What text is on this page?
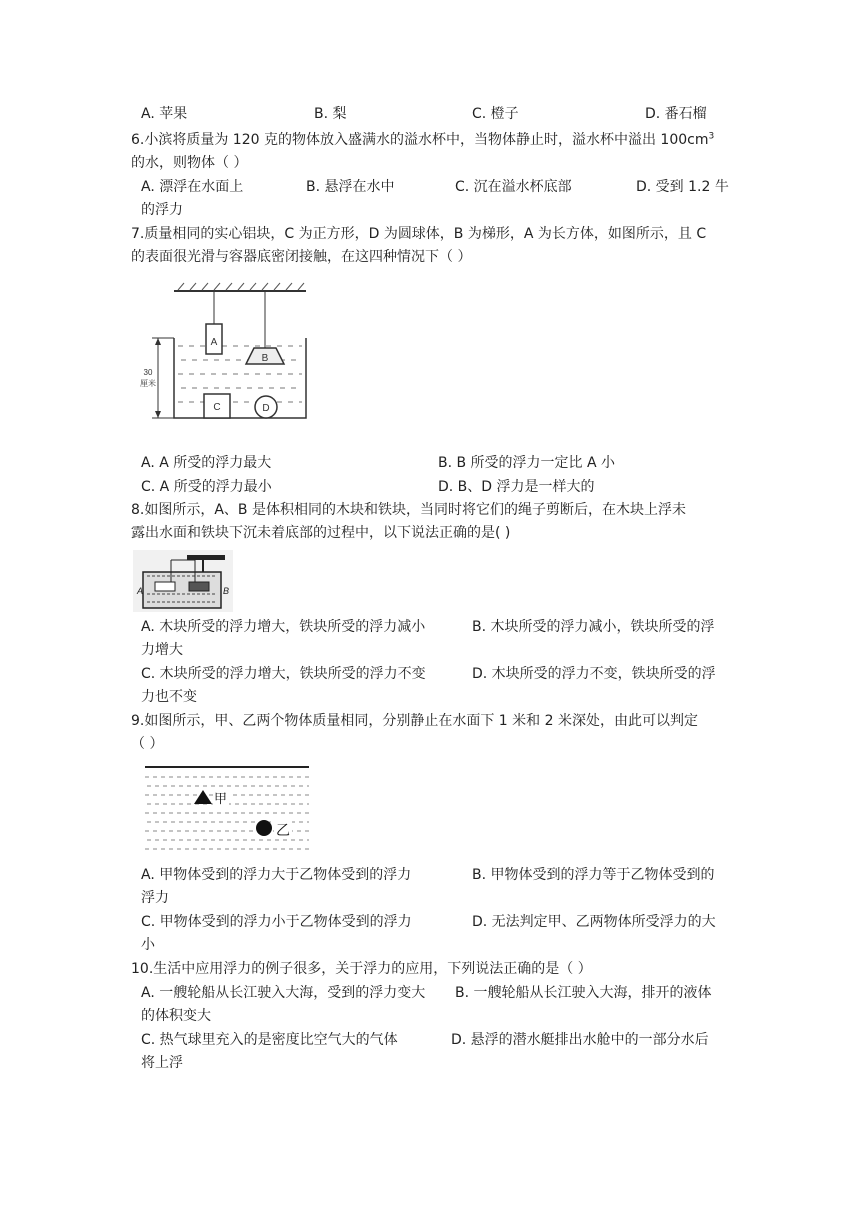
A. 苹果	B. 梨	C. 橙子	D. 番石榴
6.小滨将质量为 120 克的物体放入盛满水的溢水杯中，当物体静止时，溢水杯中溢出 $100cm^3$
的水，则物体（ ）
A. 漂浮在水面上	B. 悬浮在水中	C. 沉在溢水杯底部	D. 受到 1.2 牛
的浮力
7.质量相同的实心铝块，C 为正方形，D 为圆球体，B 为梯形，A 为长方体，如图所示，且 C
的表面很光滑与容器底密闭接触，在这四种情况下（ ）
A
B
C	D
30
厘米
A. A 所受的浮力最大	B. B 所受的浮力一定比 A 小
C. A 所受的浮力最小	D. B、D 浮力是一样大的
8.如图所示，A、B 是体积相同的木块和铁块，当同时将它们的绳子剪断后，在木块上浮未
露出水面和铁块下沉未着底部的过程中，以下说法正确的是( )
A	B
A. 木块所受的浮力增大，铁块所受的浮力减小	B. 木块所受的浮力减小，铁块所受的浮
力增大
C. 木块所受的浮力增大，铁块所受的浮力不变	D. 木块所受的浮力不变，铁块所受的浮
力也不变
9.如图所示，甲、乙两个物体质量相同，分别静止在水面下 1 米和 2 米深处，由此可以判定
（ ）
甲
乙
A. 甲物体受到的浮力大于乙物体受到的浮力	B. 甲物体受到的浮力等于乙物体受到的
浮力
C. 甲物体受到的浮力小于乙物体受到的浮力	D. 无法判定甲、乙两物体所受浮力的大
小
10.生活中应用浮力的例子很多，关于浮力的应用，下列说法正确的是（ ）
A. 一艘轮船从长江驶入大海，受到的浮力变大 B. 一艘轮船从长江驶入大海，排开的液体
的体积变大
C. 热气球里充入的是密度比空气大的气体	D. 悬浮的潜水艇排出水舱中的一部分水后
将上浮
